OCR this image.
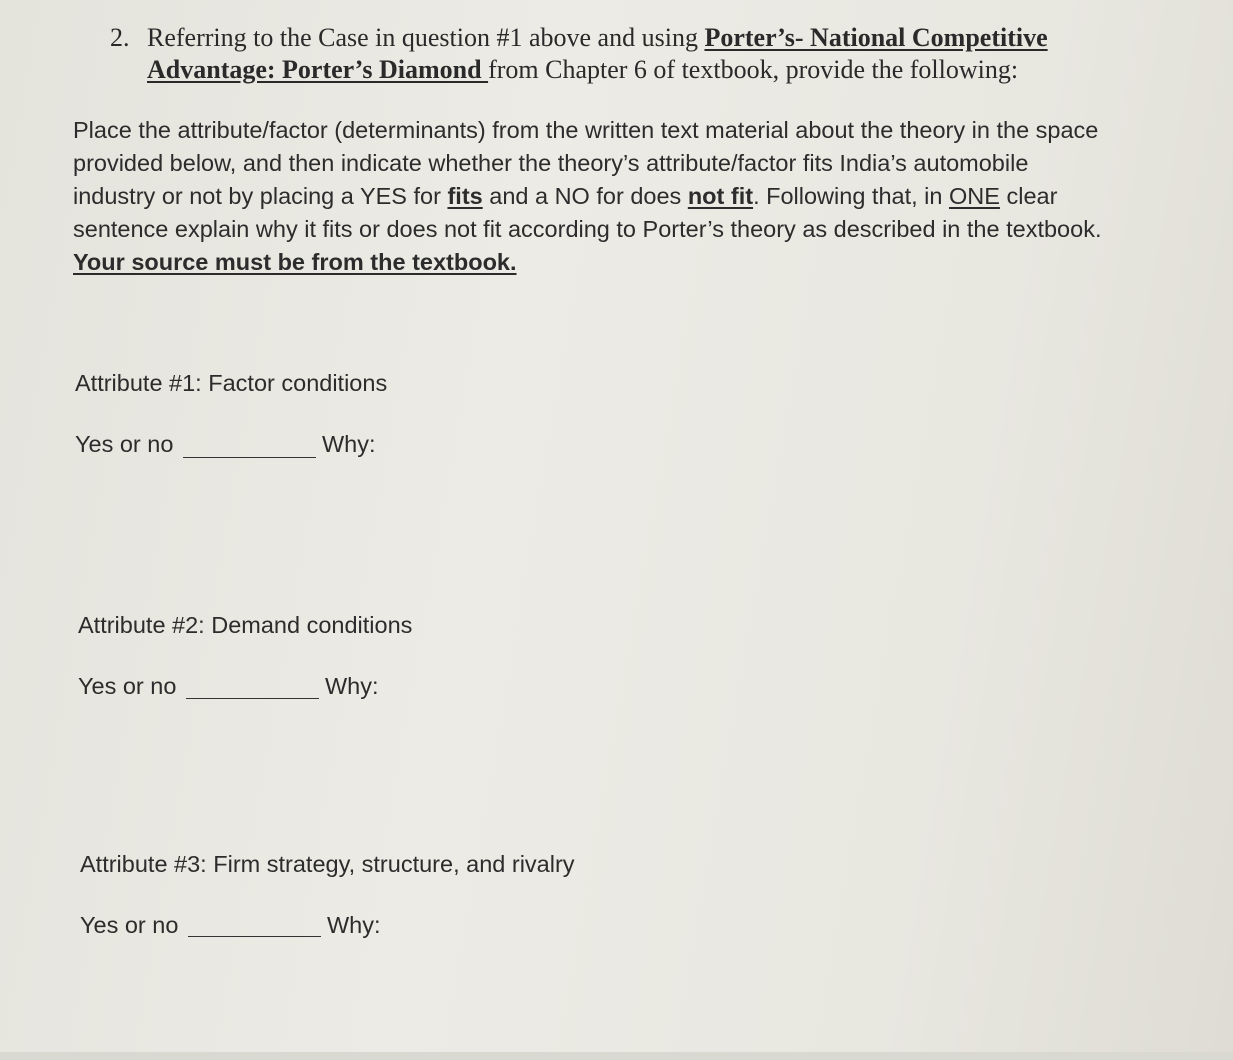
2. Referring to the Case in question #1 above and using Porter’s- National Competitive
Advantage: Porter’s Diamond from Chapter 6 of textbook, provide the following:
Place the attribute/factor (determinants) from the written text material about the theory in the space
provided below, and then indicate whether the theory’s attribute/factor fits India’s automobile
industry or not by placing a YES for fits and a NO for does not fit. Following that, in ONE clear
sentence explain why it fits or does not fit according to Porter’s theory as described in the textbook.
Your source must be from the textbook.
Attribute #1: Factor conditions
Yes or no	Why:
Attribute #2: Demand conditions
Yes or no	Why:
Attribute #3: Firm strategy, structure, and rivalry
Yes or no	Why:
